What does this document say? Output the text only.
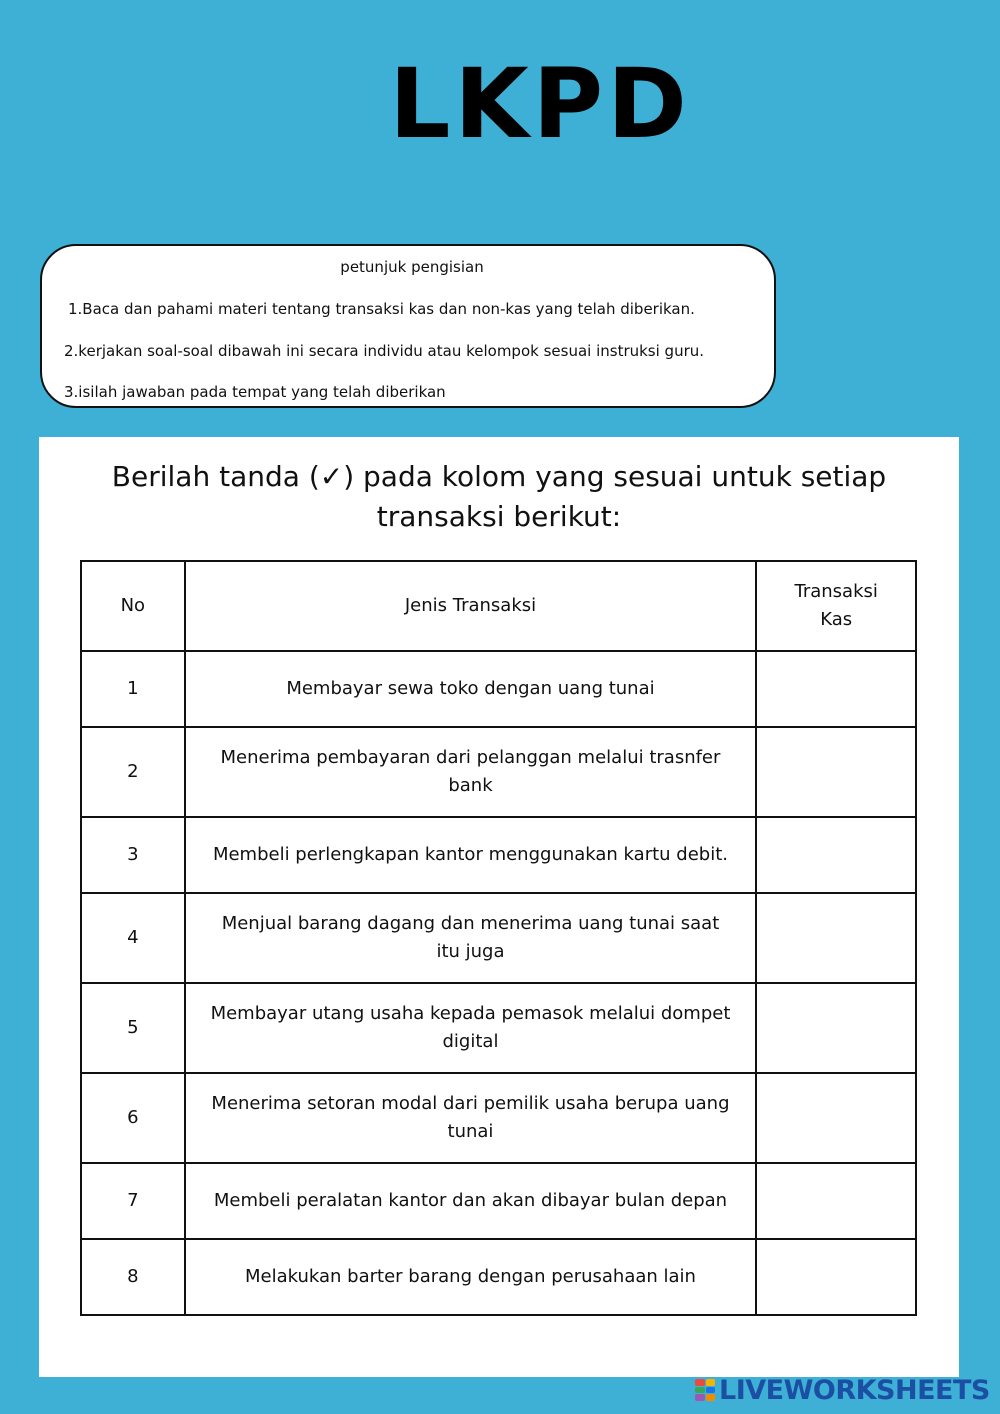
LKPD
petunjuk pengisian
1.Baca dan pahami materi tentang transaksi kas dan non-kas yang telah diberikan.
2.kerjakan soal-soal dibawah ini secara individu atau kelompok sesuai instruksi guru.
3.isilah jawaban pada tempat yang telah diberikan
Berilah tanda (✓) pada kolom yang sesuai untuk setiap transaksi berikut:
No	Jenis Transaksi	Transaksi Kas
1	Membayar sewa toko dengan uang tunai	
2	Menerima pembayaran dari pelanggan melalui trasnfer bank	
3	Membeli perlengkapan kantor menggunakan kartu debit.	
4	Menjual barang dagang dan menerima uang tunai saat itu juga	
5	Membayar utang usaha kepada pemasok melalui dompet digital	
6	Menerima setoran modal dari pemilik usaha berupa uang tunai	
7	Membeli peralatan kantor dan akan dibayar bulan depan	
8	Melakukan barter barang dengan perusahaan lain	
LIVEWORKSHEETS
